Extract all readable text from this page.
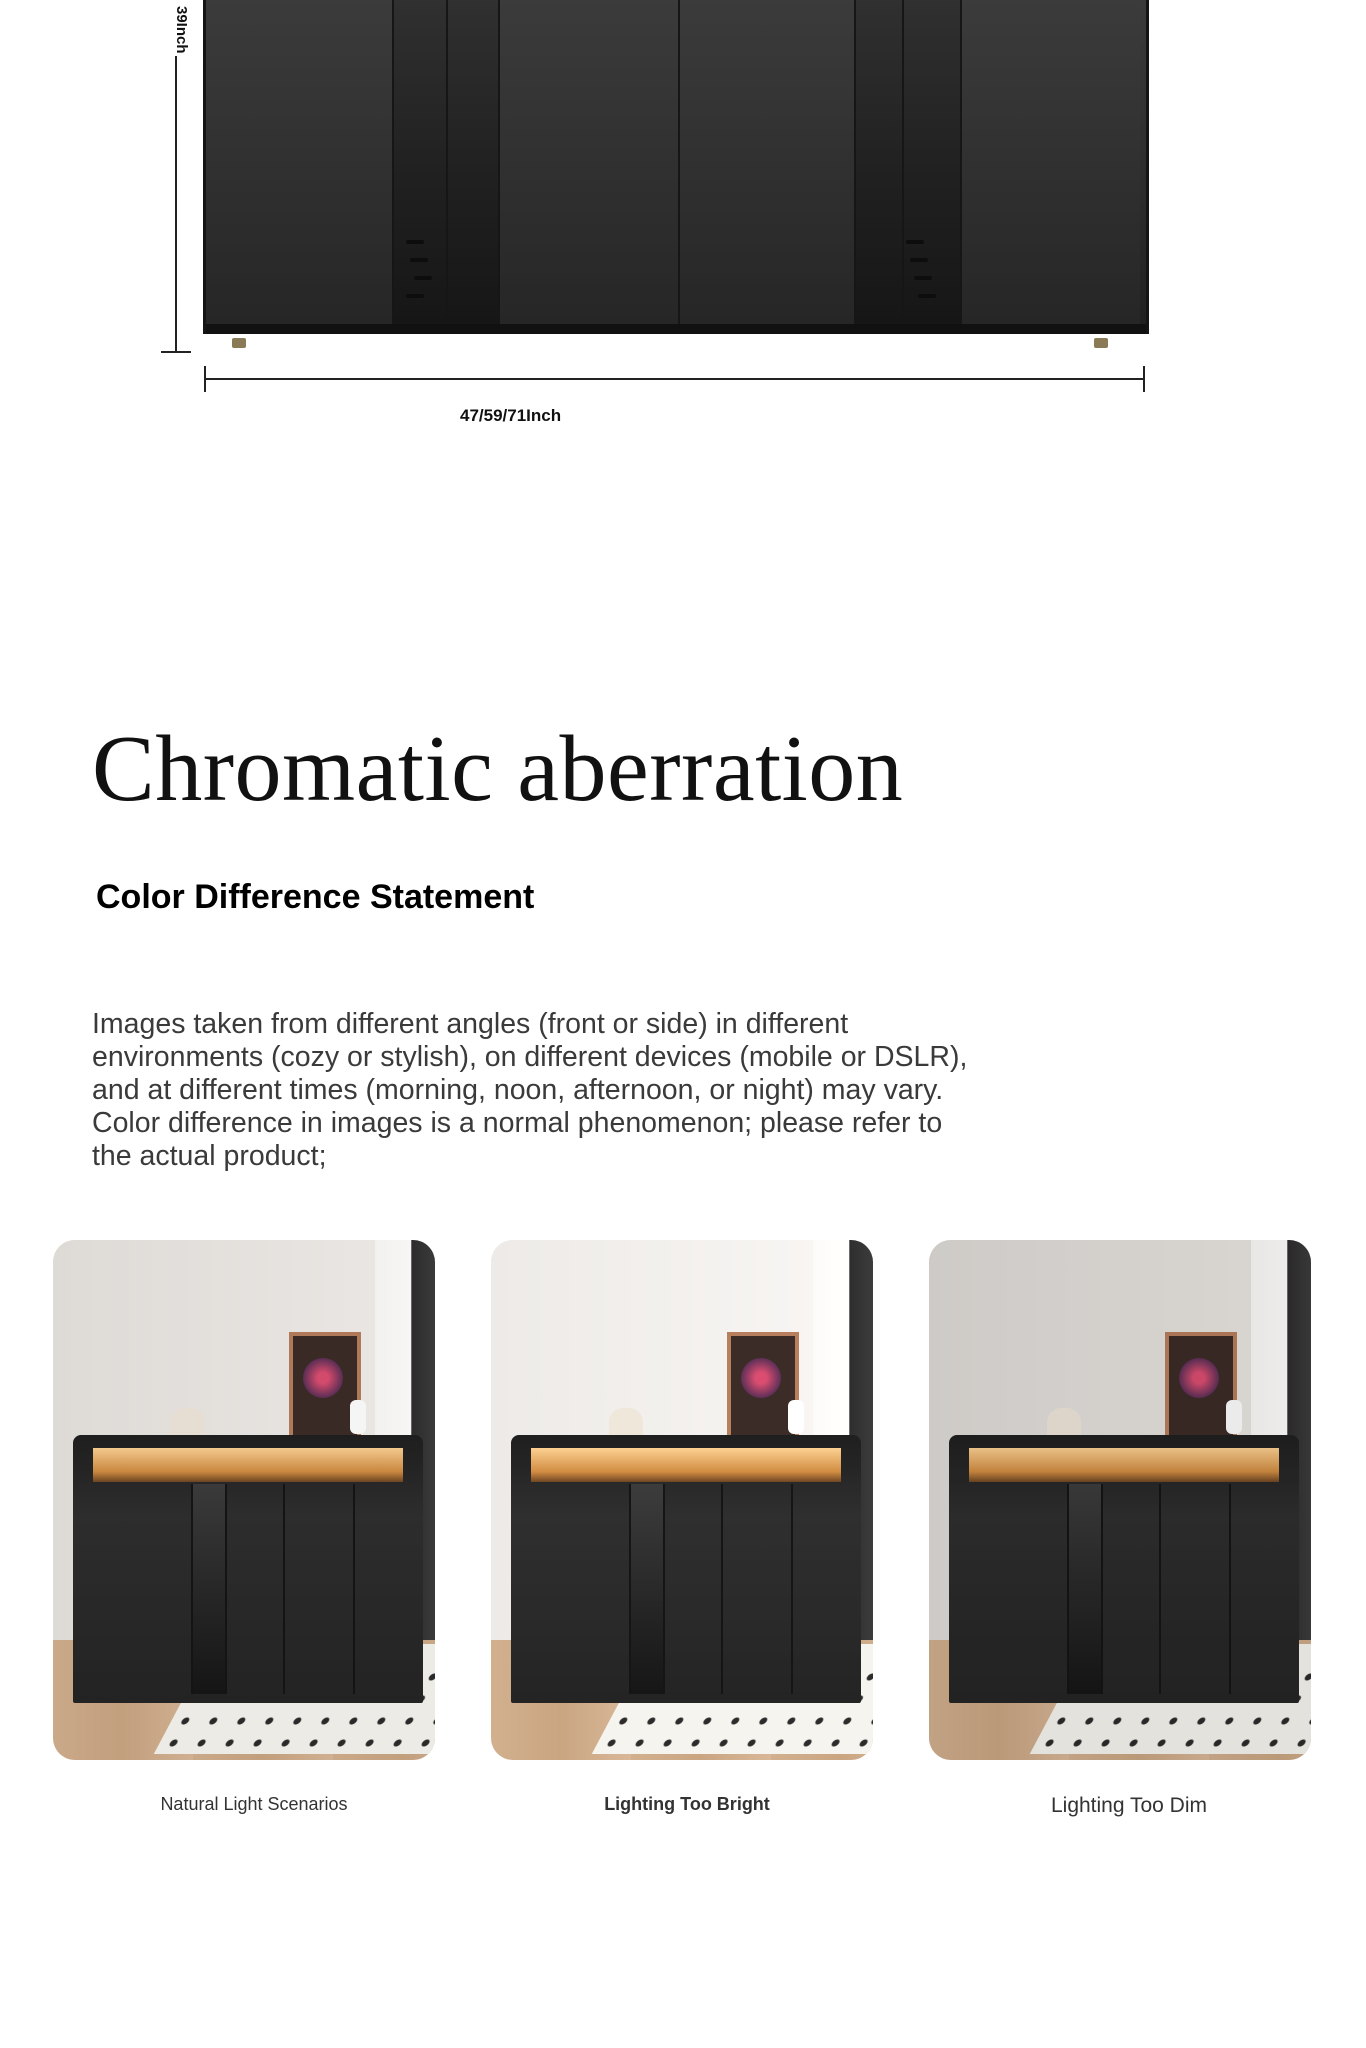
39Inch
47/59/71Inch
Chromatic aberration
Color Difference Statement

Images taken from different angles (front or side) in different environments (cozy or stylish), on different devices (mobile or DSLR), and at different times (morning, noon, afternoon, or night) may vary. Color difference in images is a normal phenomenon; please refer to the actual product;

Natural Light Scenarios	Lighting Too Bright	Lighting Too Dim
